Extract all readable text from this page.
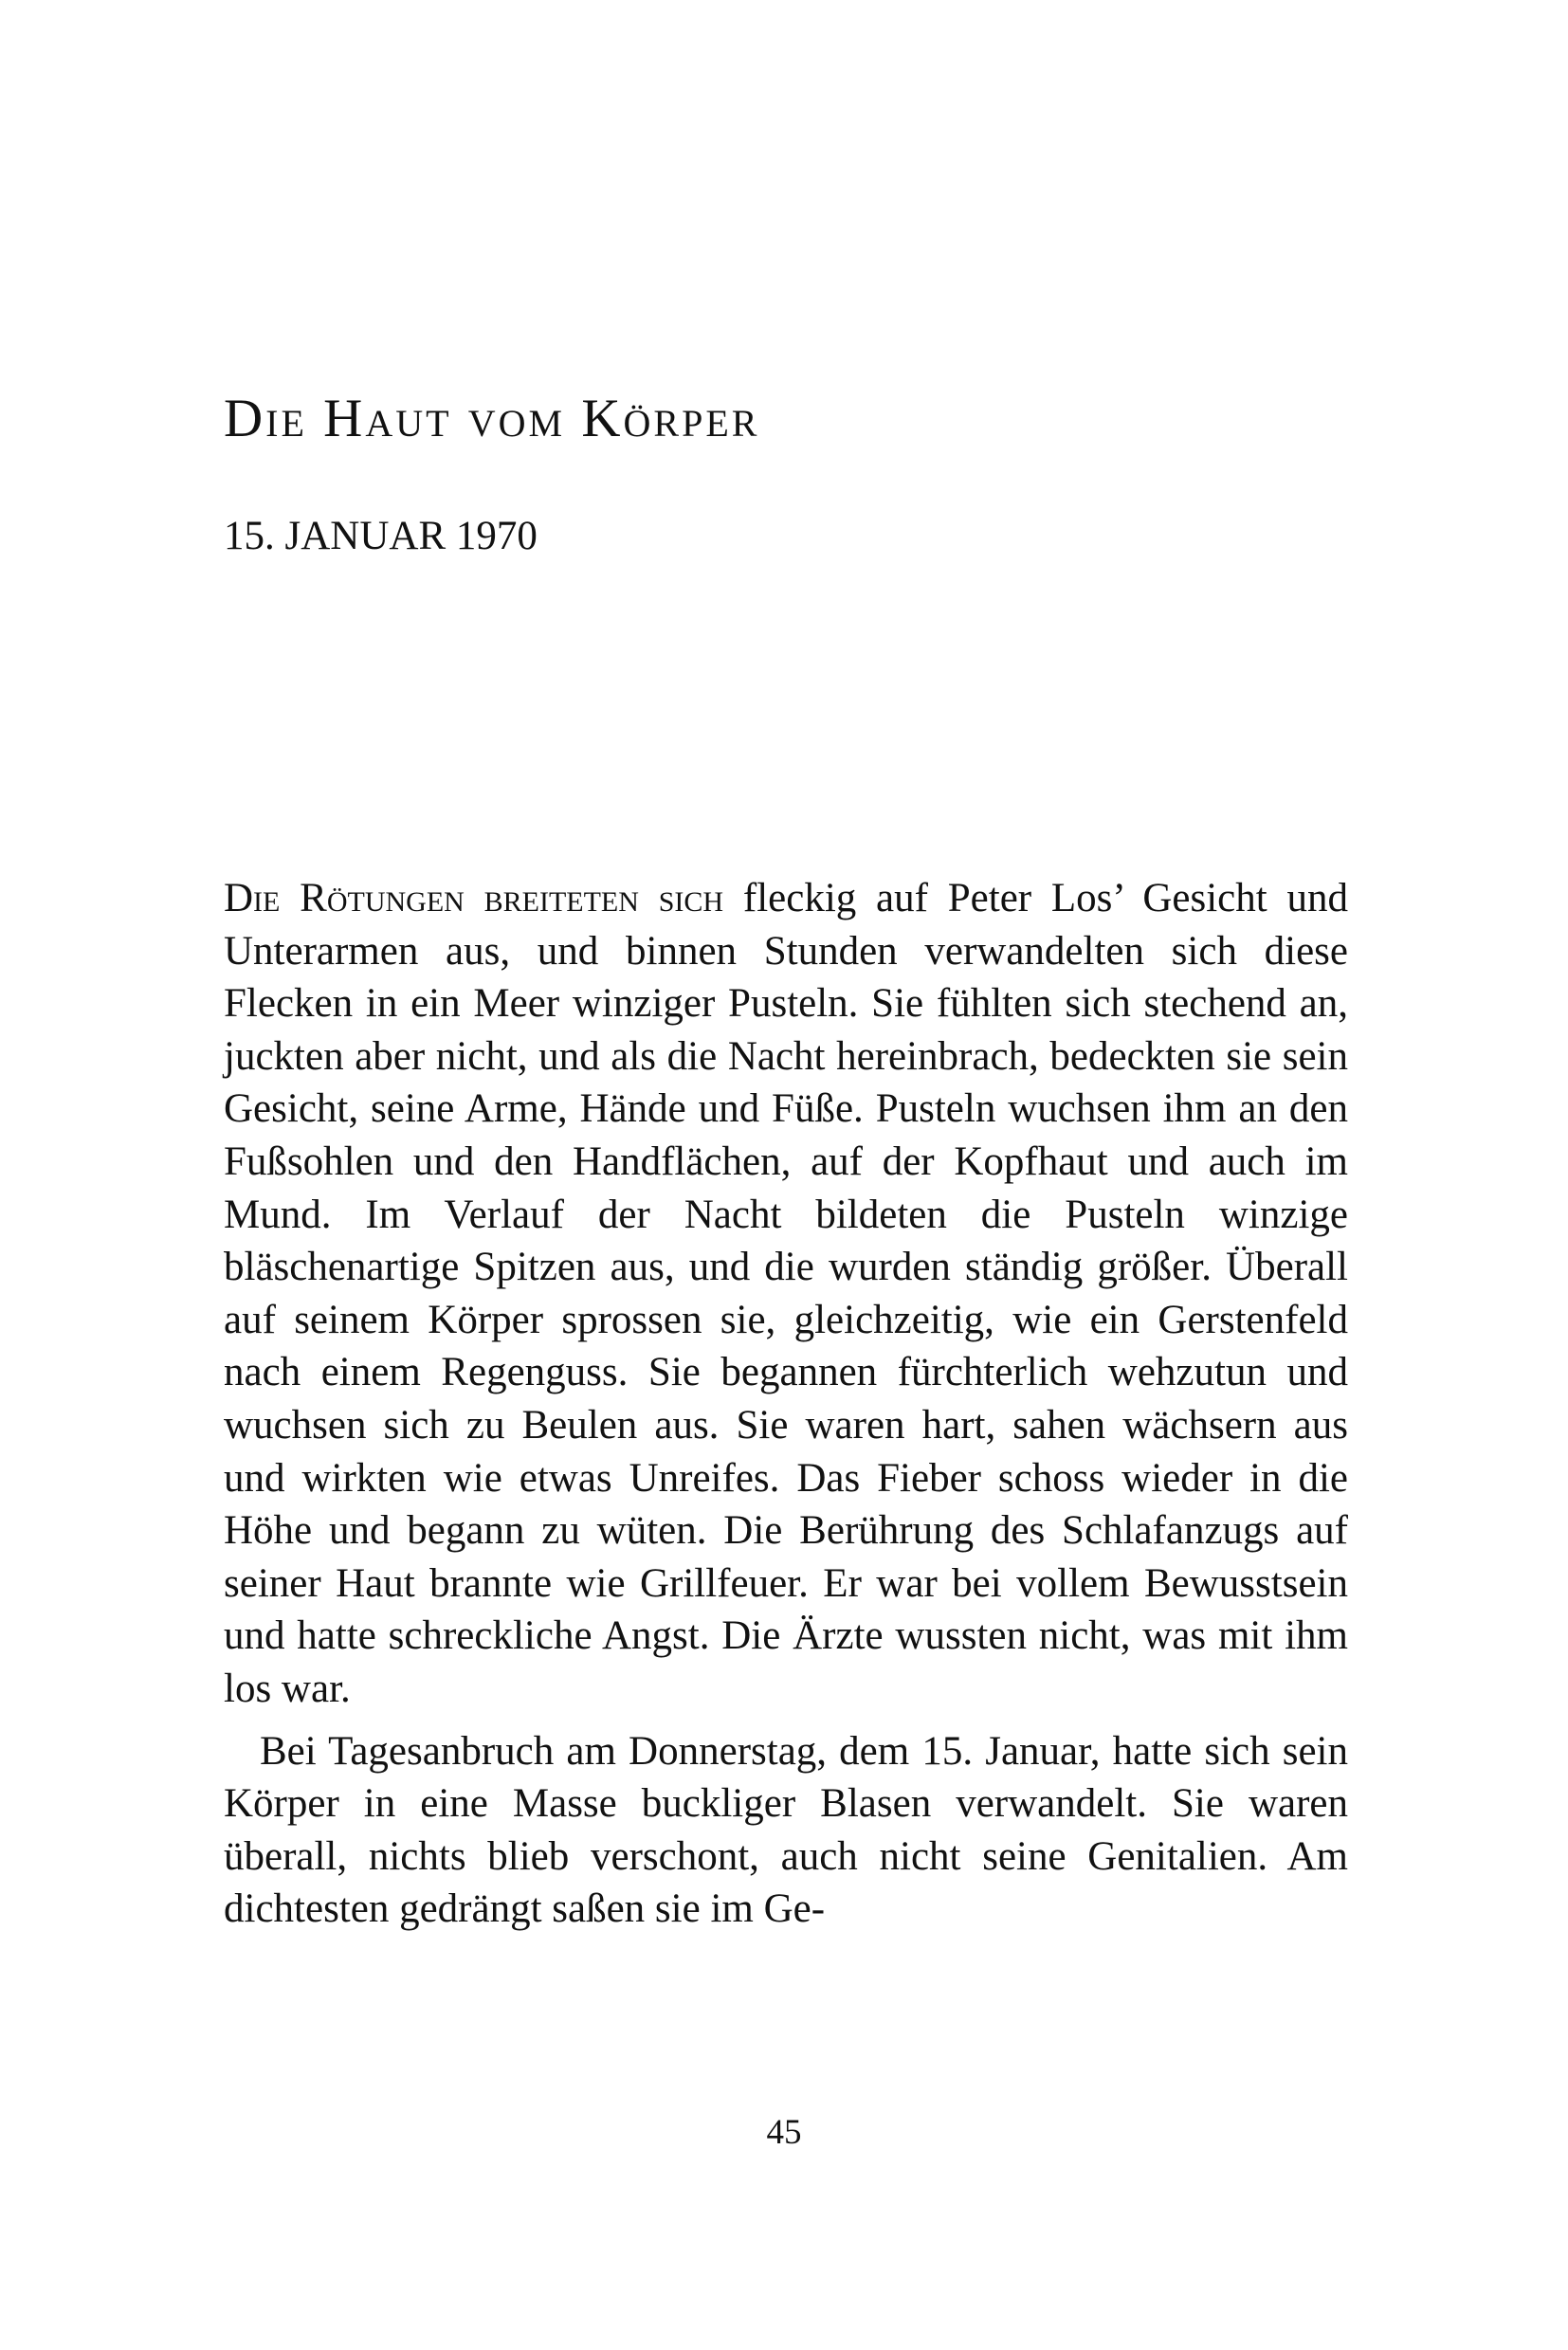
Die Haut vom Körper

15. JANUAR 1970

Die Rötungen breiteten sich fleckig auf Peter Los’ Gesicht und Unterarmen aus, und binnen Stunden verwandelten sich diese Flecken in ein Meer winziger Pusteln. Sie fühlten sich stechend an, juckten aber nicht, und als die Nacht hereinbrach, bedeckten sie sein Gesicht, seine Arme, Hände und Füße. Pusteln wuchsen ihm an den Fußsohlen und den Handflächen, auf der Kopfhaut und auch im Mund. Im Verlauf der Nacht bildeten die Pusteln winzige bläschenartige Spitzen aus, und die wurden ständig größer. Überall auf seinem Körper sprossen sie, gleichzeitig, wie ein Gerstenfeld nach einem Regenguss. Sie begannen fürchterlich wehzutun und wuchsen sich zu Beulen aus. Sie waren hart, sahen wächsern aus und wirkten wie etwas Unreifes. Das Fieber schoss wieder in die Höhe und begann zu wüten. Die Berührung des Schlafanzugs auf seiner Haut brannte wie Grillfeuer. Er war bei vollem Bewusstsein und hatte schreckliche Angst. Die Ärzte wussten nicht, was mit ihm los war.

Bei Tagesanbruch am Donnerstag, dem 15. Januar, hatte sich sein Körper in eine Masse buckliger Blasen verwandelt. Sie waren überall, nichts blieb verschont, auch nicht seine Genitalien. Am dichtesten gedrängt saßen sie im Ge-

45
